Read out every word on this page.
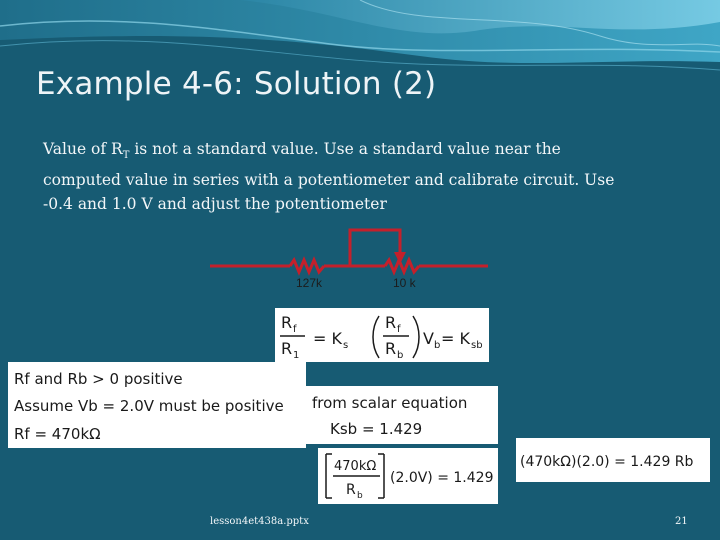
Example 4-6: Solution (2)

Value of $R_T$ is not a standard value. Use a standard value near the computed value in series with a potentiometer and calibrate circuit. Use -0.4 and 1.0 V and adjust the potentiometer

127k	10 k
R f
R 1
= K s
R f
R b
V b = K sb
Rf and Rb > 0 positive
Assume Vb = 2.0V must be positive
Rf = 470kΩ
from scalar equation
Ksb = 1.429
470kΩ
R b
(2.0V) = 1.429
(470kΩ)(2.0) = 1.429 Rb
lesson4et438a.pptx	21
